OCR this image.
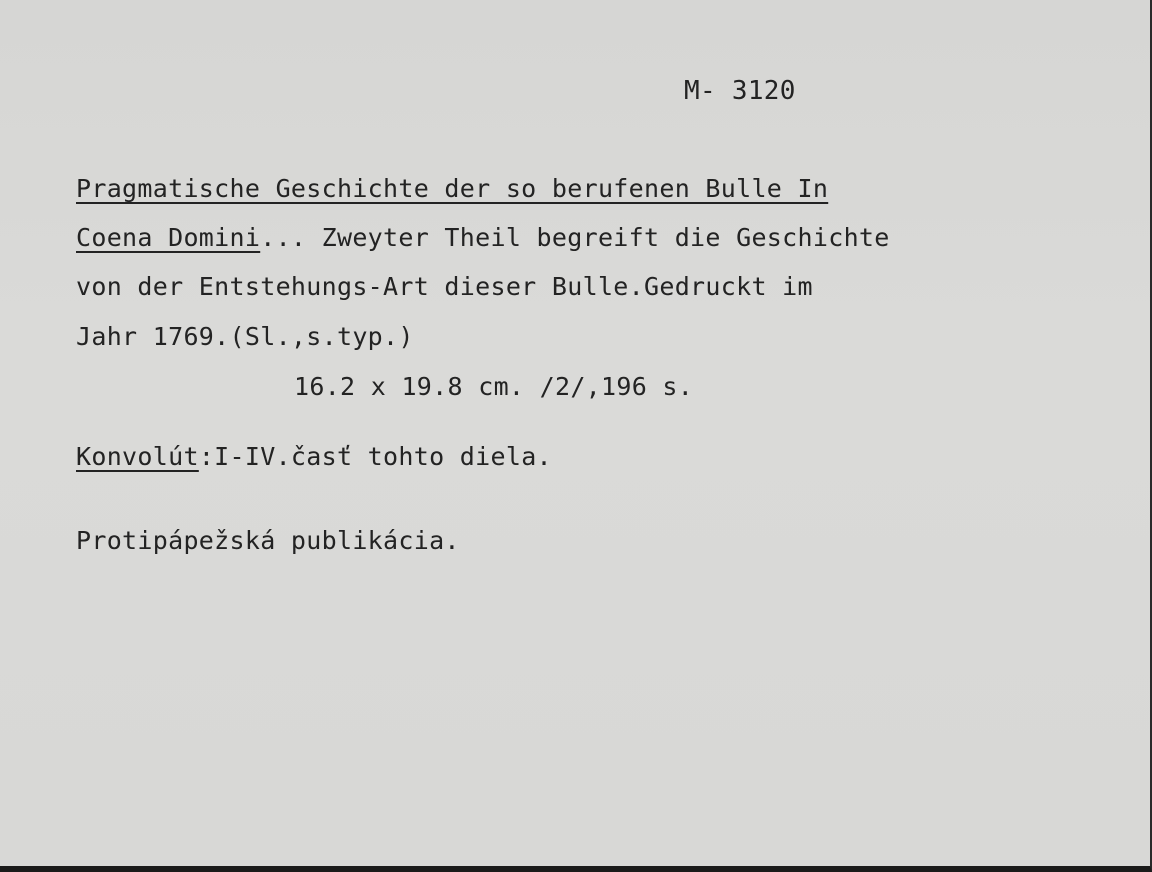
M- 3120
Pragmatische Geschichte der so berufenen Bulle In
Coena Domini... Zweyter Theil begreift die Geschichte
von der Entstehungs-Art dieser Bulle.Gedruckt im
Jahr 1769.(Sl.,s.typ.)
16.2 x 19.8 cm. /2/,196 s.
Konvolút:I-IV.časť tohto diela.
Protipápežská publikácia.
